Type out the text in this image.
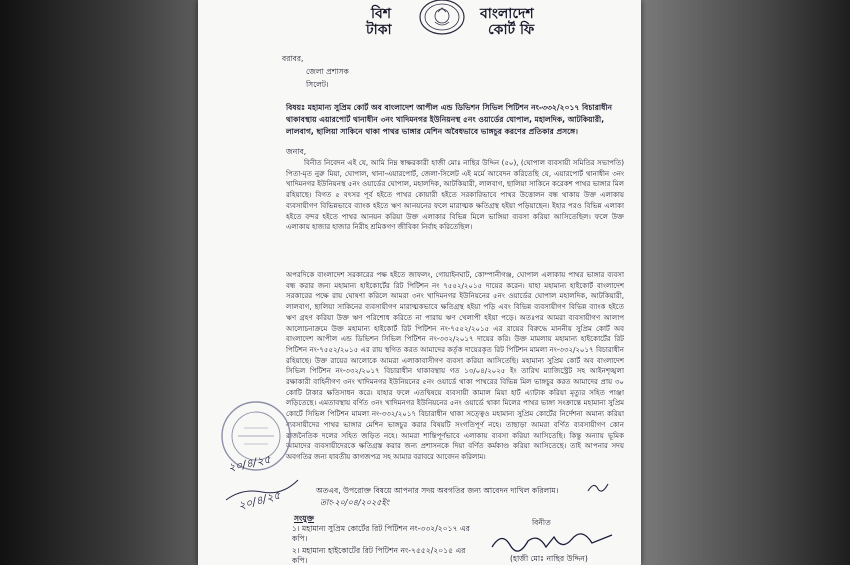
বিশ
টাকা
বাংলাদেশ
কোর্ট ফি
বরাবর,
জেলা প্রশাসক
সিলেট।
বিষয়ঃ মহামান্য সুপ্রিম কোর্ট অব বাংলাদেশ আপীল এন্ড ডিভিশন সিভিল পিটিশন নং-৩৩২/২০১৭ বিচারাধীন থাকাবস্থায় এয়ারপোর্ট থানাধীন ৩নং খাদিমনগর ইউনিয়নস্থ ৫নং ওয়ার্ডের ঘোপাল, মহালদিক, আটকিয়ারী, লালবাগ, ছালিয়া সাকিনে থাকা পাথর ভাঙ্গার মেশিন অবৈধভাবে ভাঙ্গচুর করণের প্রতিকার প্রসঙ্গে।
জনাব,
বিনীত নিবেদন এই যে, আমি নিম্ন স্বাক্ষরকারী হাজী মোঃ নাছির উদ্দিন (৫০), (ঘোপাল ব্যবসায়ী সমিতির সভাপতি) পিতা-মৃত নুরু মিয়া, ঘোপাল, থানা-এয়ারপোর্ট, জেলা-সিলেট এই মর্মে আবেদন করিতেছি যে, এয়ারপোর্ট থানাধীন ৩নং খাদিমনগর ইউনিয়নস্থ ৫নং ওয়ার্ডের ঘোপাল, মহালদিক, আটকিয়ারী, লালবাগ, ছালিয়া সাকিনে করেকশ পাথর ভাঙ্গার মিল রহিয়াছে। বিগত ৫ বৎসর পূর্ব হইতে পাথর কোয়ারী হইতে সরকারিভাবে পাথর উত্তোলন বন্ধ থাকায় উক্ত এলাকায় ব্যবসায়ীগণ বিভিন্নভাবে ব্যাংক হইতে ঋণ আনয়নের ফলে মারাত্মক ক্ষতিগ্রস্থ হইয়া পড়িয়াছেন। ইহার পরও বিভিন্ন এলাকা হইতে বন্দর হইতে পাথর আনয়ন করিয়া উক্ত এলাকার বিভিন্ন মিলে ভাঙ্গিয়া ব্যবসা করিয়া আসিতেছিল। ফলে উক্ত এলাকায় হাজার হাজার নিরীহ শ্রমিকগণ জীবিকা নির্বাহ করিতেছিল।
অপরদিকে বাংলাদেশ সরকারের পক্ষ হইতে জাফলং, গোয়াইনঘাট, কোম্পানীগঞ্জ, ঘোপাল এলাকায় পাথর ভাঙ্গার ব্যবসা বন্ধ করার জন্য মহামান্য হাইকোর্টের রিট পিটিশন নং ৭৫৫২/২০১৫ দায়ের করেন। যাহা মহামান্য হাইকোর্ট বাংলাদেশ সরকারের পক্ষে রায় ঘোষণা করিলে আমরা ৩নং খাদিমনগর ইউনিয়নের ৫নং ওয়ার্ডের ঘোপাল মহালদিক, আটকিয়ারী, লালবাগ, ছালিয়া সাকিনের ব্যবসায়ীগণ মারাত্মকভাবে ক্ষতিগ্রস্থ হইয়া পড়ি এবং বিভিন্ন ব্যবসায়ীগণ বিভিন্ন ব্যাংক হইতে ঋণ গ্রহণ করিয়া উক্ত ঋণ পরিশোধ করিতে না পারায় ঋণ খেলাপী হইয়া পড়ে। অতঃপর আমরা ব্যবসায়ীগণ আলাপ আলোচনাক্রমে উক্ত মহামান্য হাইকোর্ট রিট পিটিশন নং-৭৫৫২/২০১৫ এর রায়ের বিরুদ্ধে মাননীয় সুপ্রিম কোর্ট অব বাংলাদেশ আপীল এন্ড ডিভিশন সিভিল পিটিশন নং-৩৩২/২০১৭ দায়ের করি। উক্ত মামলায় মহামান্য হাইকোর্টের রিট পিটিশন নং-৭৫৫২/২০১৫ এর রায় স্থগিত করত আমাদের কর্তৃক দায়েরকৃত রিট পিটিশন মামলা নং-৩৩২/২০১৭ বিচারাধীন রহিয়াছে। উক্ত রায়ের আলোকে আমরা এলাকাবাসীগণ ব্যবসা করিয়া আসিতেছি। মহামান্য সুপ্রিম কোর্ট অব বাংলাদেশ সিভিল পিটিশন নং-৩৩২/২০১৭ বিচারাধীন থাকাবস্থায় গত ১৩/০৪/২০২৫ ইং তারিখ ম্যাজিস্ট্রেট সহ আইনশৃঙ্খলা রক্ষাকারী বাহিনীগণ ৩নং খাদিমনগর ইউনিয়নের ৫নং ওয়ার্ডে থাকা পাথরের বিভিন্ন মিল ভাঙ্গচুর করত আমাদের প্রায় ৩০ কোটি টাকার ক্ষতিসাধন করে। যাহার ফলে এতদ্বিষয়ে ব্যবসায়ী কামাল মিয়া হার্ট এ্যাটাক করিয়া মৃত্যুর সহিত পাঞ্জা লড়িতেছে। এমতাবস্থায় বর্ণিত ৩নং খাদিমনগর ইউনিয়নের ৫নং ওয়ার্ডে থাকা মিলের পাথর ভাঙ্গা সংক্রান্তে মহামান্য সুপ্রিম কোর্টে সিভিল পিটিশন মামলা নং-৩৩২/২০১৭ বিচারাধীন থাকা সত্ত্বেও মহামান্য সুপ্রিম কোর্টের নির্দেশনা অমান্য করিয়া ব্যবসায়ীদের পাথর ভাঙ্গার মেশিন ভাঙ্গচুর করার বিষয়টি সংগতিপূর্ণ নহে। তাছাড়া আমরা বর্ণিত ব্যবসায়ীগণ কোন রাজনৈতিক দলের সহিত জড়িত নহে। আমরা শান্তিপূর্ণভাবে এলাকায় ব্যবসা করিয়া আসিতেছি। কিন্তু অন্যায় ভূমিক আমাদের ব্যবসায়ীদেরকে ক্ষতিগ্রস্ত করার জন্য প্রশাসনকে দিয়া বর্ণিত কর্মকাণ্ড করিয়া আসিতেছে। তাই আপনার সদয় অবগতির জন্য যাবতীয় কাগজপত্র সহ আমার বরাবরে আবেদন করিলাম।
২০/৪/২৫
২০/৪/২৫	অতএব, উপরোক্ত বিষয়ে আপনার সদয় অবগতির জন্য আবেদন দাখিল করিলাম।
তাং-২০/০৪/২০২৫ইং
বিনীত
(হাজী মোঃ নাছির উদ্দিন)
সংযুক্ত
১। মহামান্য সুপ্রিম কোর্টের রিট পিটিশন নং-৩৩২/২০১৭ এর কপি।
২। মহামান্য হাইকোর্টের রিট পিটিশন নং-৭৫৫২/২০১৫ এর কপি।
